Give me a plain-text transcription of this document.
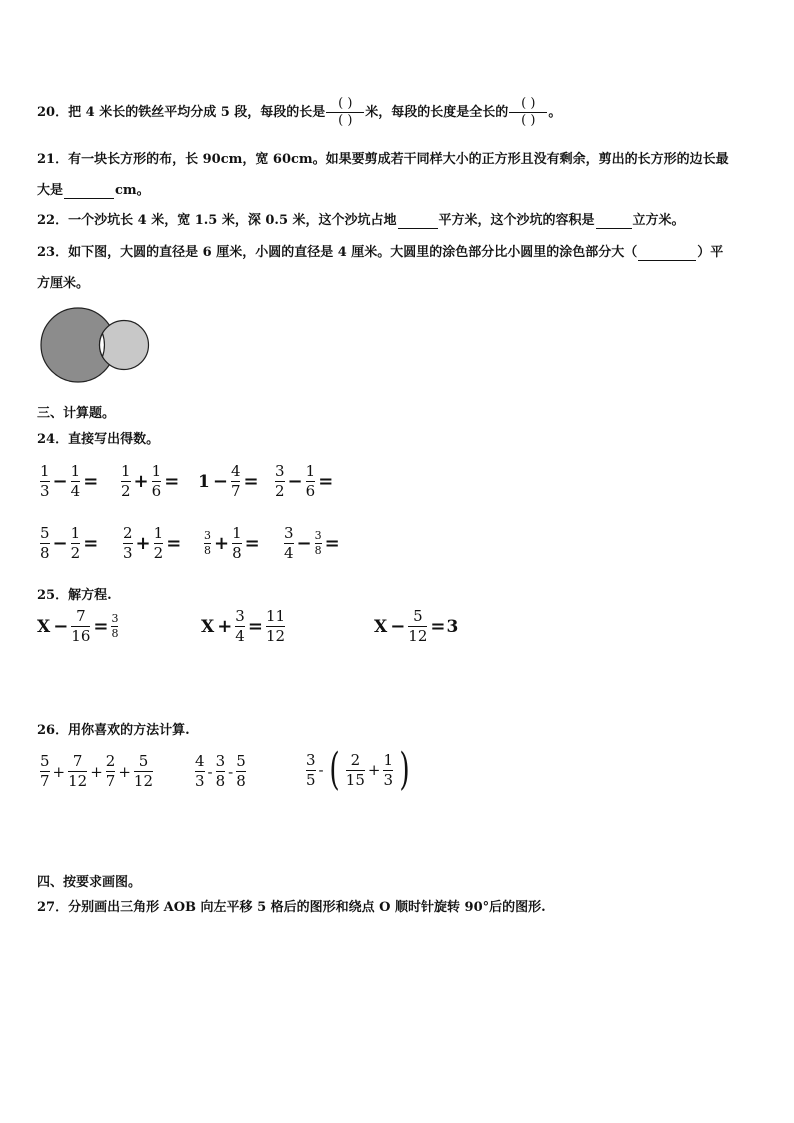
20．把 4 米长的铁丝平均分成 5 段，每段的长是
( )
( )
米，每段的长度是全长的
( )
( )
。
21．有一块长方形的布，长 90cm，宽 60cm。如果要剪成若干同样大小的正方形且没有剩余，剪出的长方形的边长最
大是	cm。
22．一个沙坑长 4 米，宽 1.5 米，深 0.5 米，这个沙坑占地	平方米，这个沙坑的容积是	立方米。
23．如下图，大圆的直径是 6 厘米，小圆的直径是 4 厘米。大圆里的涂色部分比小圆里的涂色部分大（	）平
方厘米。
三、计算题。
24．直接写出得数。
$\frac{1}{3} - \frac{1}{4} = \frac{1}{2} + \frac{1}{6} = 1 - \frac{4}{7} = \frac{3}{2} - \frac{1}{6}$ =
$\frac{5}{8} - \frac{1}{2} = \frac{2}{3} + \frac{1}{2} = \frac{3}{8} + \frac{1}{8} = \frac{3}{4} - \frac{3}{8}$ =
25．解方程.
$X - \frac{7}{16} = \frac{3}{8}$	$X + \frac{3}{4} = \frac{11}{12}$	$X - \frac{5}{12} = 3$
26．用你喜欢的方法计算.
$\frac{5}{7} + \frac{7}{12} + \frac{2}{7} + \frac{5}{12}$	$\frac{4}{3} - \frac{3}{8} - \frac{5}{8}$	$\frac{3}{5}$ - ( $\frac{2}{15} + \frac{1}{3}$ )
四、按要求画图。
27．分别画出三角形 AOB 向左平移 5 格后的图形和绕点 O 顺时针旋转 90°后的图形.
